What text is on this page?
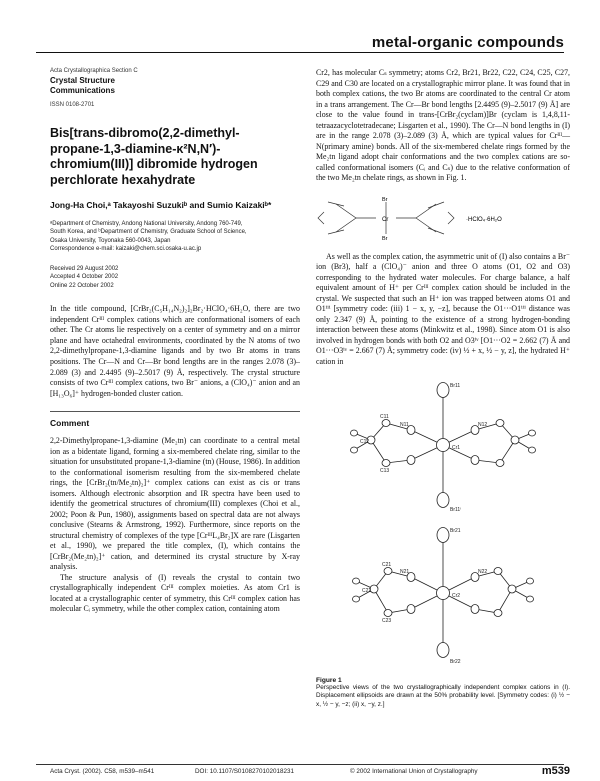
metal-organic compounds
Acta Crystallographica Section C
Crystal Structure
Communications
ISSN 0108-2701
Bis[trans-dibromo(2,2-dimethyl-
propane-1,3-diamine-κ²N,N′)-
chromium(III)] dibromide hydrogen
perchlorate hexahydrate
Jong-Ha Choi,ᵃ Takayoshi Suzukiᵇ and Sumio Kaizakiᵇ*
ᵃDepartment of Chemistry, Andong National University, Andong 760-749,
South Korea, and ᵇDepartment of Chemistry, Graduate School of Science,
Osaka University, Toyonaka 560-0043, Japan
Correspondence e-mail: kaizaki@chem.sci.osaka-u.ac.jp
Received 29 August 2002
Accepted 4 October 2002
Online 22 October 2002

In the title compound, [CrBr₂(C₅H₁₄N₂)₂]₂Br₂·HClO₄·6H₂O, there are two independent Crᴵᴵᴵ complex cations which are conformational isomers of each other. The Cr atoms lie respectively on a center of symmetry and on a mirror plane and have octahedral environments, coordinated by the N atoms of two 2,2-dimethylpropane-1,3-diamine ligands and by two Br atoms in trans positions. The Cr—N and Cr—Br bond lengths are in the ranges 2.078 (3)–2.089 (3) and 2.4495 (9)–2.5017 (9) Å, respectively. The crystal structure consists of two Crᴵᴵᴵ complex cations, two Br⁻ anions, a (ClO₄)⁻ anion and an [H₁₃O₆]⁺ hydrogen-bonded cluster cation.

Comment

2,2-Dimethylpropane-1,3-diamine (Me₂tn) can coordinate to a central metal ion as a bidentate ligand, forming a six-membered chelate ring, similar to the situation for unsubstituted propane-1,3-diamine (tn) (House, 1986). In addition to the conformational isomerism resulting from the six-membered chelate rings, the [CrBr₂(tn/Me₂tn)₂]⁺ complex cations can exist as cis or trans isomers. Although electronic absorption and IR spectra have been used to identify the geometrical structures of chromium(III) complexes (Choi et al., 2002; Poon & Pun, 1980), assignments based on spectral data are not always conclusive (Stearns & Armstrong, 1992). Furthermore, since reports on the structural chemistry of complexes of the type [CrᴵᴵᴵL₄Br₂]X are rare (Lisgarten et al., 1990), we prepared the title complex, (I), which contains the [CrBr₂(Me₂tn)₂]⁺ cation, and determined its crystal structure by X-ray analysis.

The structure analysis of (I) reveals the crystal to contain two crystallographically independent Crᴵᴵᴵ complex moieties. As atom Cr1 is located at a crystallographic center of symmetry, this Crᴵᴵᴵ complex cation has molecular Cᵢ symmetry, while the other complex cation, containing atom

Cr2, has molecular Cₛ symmetry; atoms Cr2, Br21, Br22, C22, C24, C25, C27, C29 and C30 are located on a crystallographic mirror plane. It was found that in both complex cations, the two Br atoms are coordinated to the central Cr atom in a trans arrangement. The Cr—Br bond lengths [2.4495 (9)–2.5017 (9) Å] are close to the value found in trans-[CrBr₂(cyclam)]Br (cyclam is 1,4,8,11-tetraazacyclotetradecane; Lisgarten et al., 1990). The Cr—N bond lengths in (I) are in the range 2.078 (3)–2.089 (3) Å, which are typical values for Crᴵᴵᴵ—N(primary amine) bonds. All of the six-membered chelate rings formed by the Me₂tn ligand adopt chair conformations and the two complex cations are so-called conformational isomers (Cᵢ and Cₛ) due to the relative conformation of the two Me₂tn chelate rings, as shown in Fig. 1.

Cr
Br
Br
·HClO₄·6H₂O

As well as the complex cation, the asymmetric unit of (I) also contains a Br⁻ ion (Br3), half a (ClO₄)⁻ anion and three O atoms (O1, O2 and O3) corresponding to the hydrated water molecules. For charge balance, a half equivalent amount of H⁺ per Crᴵᴵᴵ complex cation should be included in the crystal. We suspected that such an H⁺ ion was trapped between atoms O1 and O1ⁱⁱⁱ [symmetry code: (iii) 1 − x, y, −z], because the O1···O1ⁱⁱⁱ distance was only 2.347 (9) Å, pointing to the existence of a strong hydrogen-bonding interaction between these atoms (Minkwitz et al., 1998). Since atom O1 is also involved in hydrogen bonds with both O2 and O3ⁱᵛ [O1···O2 = 2.662 (7) Å and O1···O3ⁱᵛ = 2.667 (7) Å; symmetry code: (iv) ½ + x, ½ − y, z], the hydrated H⁺ cation in

Br11
Cr1
N11	N12
C11
C12
C13
Br11ⁱ
Br21
Cr2
N21	N22
C21
C22
C23
Br22
Figure 1

Perspective views of the two crystallographically independent complex cations in (I). Displacement ellipsoids are drawn at the 50% probability level. [Symmetry codes: (i) ½ − x, ½ − y, −z; (ii) x, −y, z.]

Acta Cryst. (2002). C58, m539–m541	DOI: 10.1107/S0108270102018231	© 2002 International Union of Crystallography	m539
